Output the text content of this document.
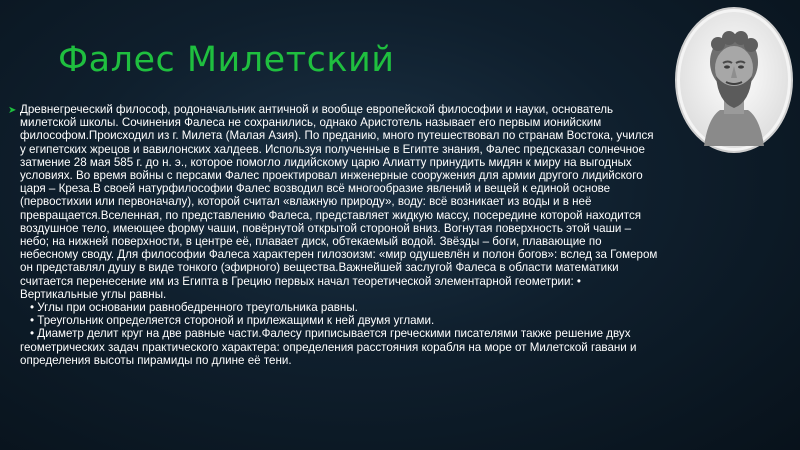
Фалес Милетский
➤ Древнегреческий философ, родоначальник античной и вообще европейской философии и науки, основатель милетской школы. Сочинения Фалеса не сохранились, однако Аристотель называет его первым ионийским философом.Происходил из г. Милета (Малая Азия). По преданию, много путешествовал по странам Востока, учился у египетских жрецов и вавилонских халдеев. Используя полученные в Египте знания, Фалес предсказал солнечное затмение 28 мая 585 г. до н. э., которое помогло лидийскому царю Алиатту принудить мидян к миру на выгодных условиях. Во время войны с персами Фалес проектировал инженерные сооружения для армии другого лидийского царя – Креза.В своей натурфилософии Фалес возводил всё многообразие явлений и вещей к единой основе (первостихии или первоначалу), которой считал «влажную природу», воду: всё возникает из воды и в неё превращается.Вселенная, по представлению Фалеса, представляет жидкую массу, посередине которой находится воздушное тело, имеющее форму чаши, повёрнутой открытой стороной вниз. Вогнутая поверхность этой чаши – небо; на нижней поверхности, в центре её, плавает диск, обтекаемый водой. Звёзды – боги, плавающие по небесному своду. Для философии Фалеса характерен гилозоизм: «мир одушевлён и полон богов»: вслед за Гомером он представлял душу в виде тонкого (эфирного) вещества.Важнейшей заслугой Фалеса в области математики считается перенесение им из Египта в Грецию первых начал теоретической элементарной геометрии: • Вертикальные углы равны.
• Углы при основании равнобедренного треугольника равны.
• Треугольник определяется стороной и прилежащими к ней двумя углами.
• Диаметр делит круг на две равные части.Фалесу приписывается греческими писателями также решение двух геометрических задач практического характера: определения расстояния корабля на море от Милетской гавани и определения высоты пирамиды по длине её тени.
